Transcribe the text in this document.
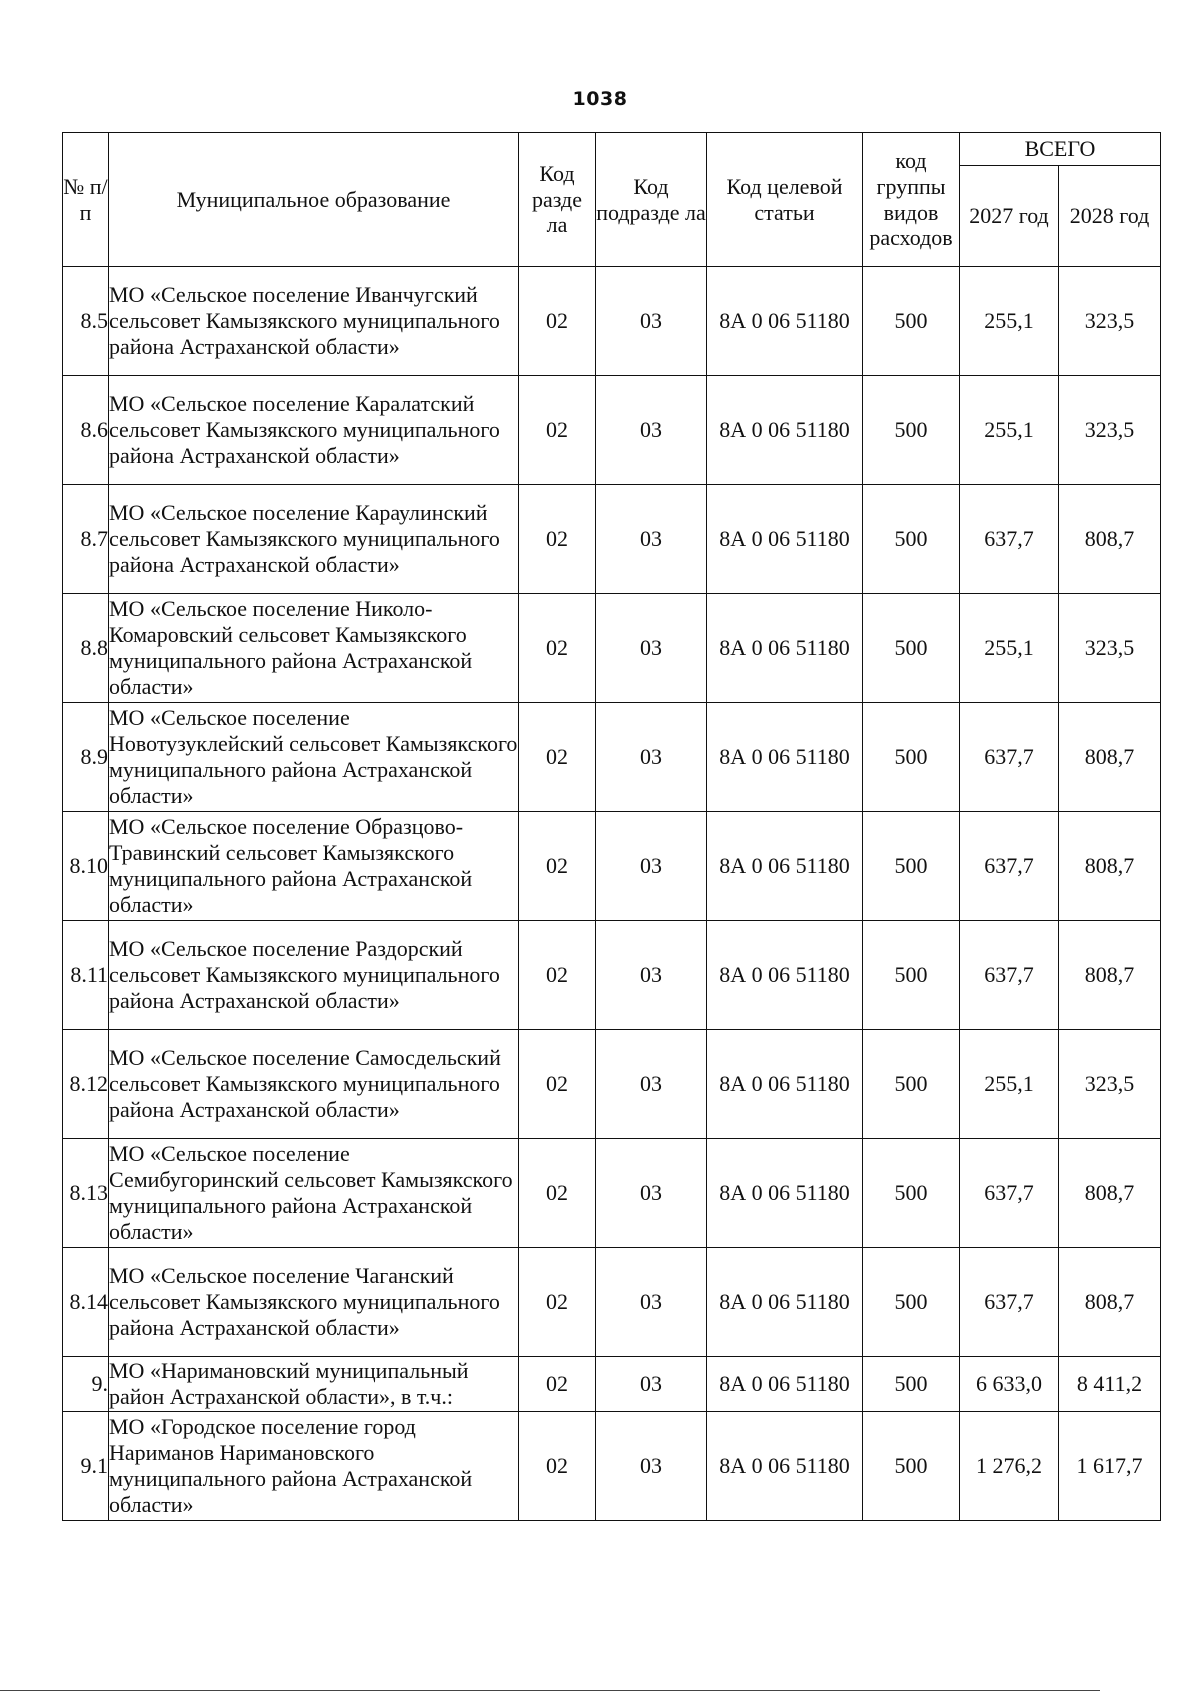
1038
№ п/п	Муниципальное образование	Код разде ла	Код подразде ла	Код целевой статьи	код группы видов расходов	ВСЕГО	
						2027 год	2028 год
8.5	МО «Сельское поселение Иванчугский сельсовет Камызякского муниципального района Астраханской области»	02	03	8А 0 06 51180	500	255,1	323,5
8.6	МО «Сельское поселение Каралатский сельсовет Камызякского муниципального района Астраханской области»	02	03	8А 0 06 51180	500	255,1	323,5
8.7	МО «Сельское поселение Караулинский сельсовет Камызякского муниципального района Астраханской области»	02	03	8А 0 06 51180	500	637,7	808,7
8.8	МО «Сельское поселение Николо-Комаровский сельсовет Камызякского муниципального района Астраханской области»	02	03	8А 0 06 51180	500	255,1	323,5
8.9	МО «Сельское поселение Новотузуклейский сельсовет Камызякского муниципального района Астраханской области»	02	03	8А 0 06 51180	500	637,7	808,7
8.10	МО «Сельское поселение Образцово-Травинский сельсовет Камызякского муниципального района Астраханской области»	02	03	8А 0 06 51180	500	637,7	808,7
8.11	МО «Сельское поселение Раздорский сельсовет Камызякского муниципального района Астраханской области»	02	03	8А 0 06 51180	500	637,7	808,7
8.12	МО «Сельское поселение Самосдельский сельсовет Камызякского муниципального района Астраханской области»	02	03	8А 0 06 51180	500	255,1	323,5
8.13	МО «Сельское поселение Семибугоринский сельсовет Камызякского муниципального района Астраханской области»	02	03	8А 0 06 51180	500	637,7	808,7
8.14	МО «Сельское поселение Чаганский сельсовет Камызякского муниципального района Астраханской области»	02	03	8А 0 06 51180	500	637,7	808,7
9.	МО «Наримановский муниципальный район Астраханской области», в т.ч.:	02	03	8А 0 06 51180	500	6 633,0	8 411,2
9.1	МО «Городское поселение город Нариманов Наримановского муниципального района Астраханской области»	02	03	8А 0 06 51180	500	1 276,2	1 617,7
